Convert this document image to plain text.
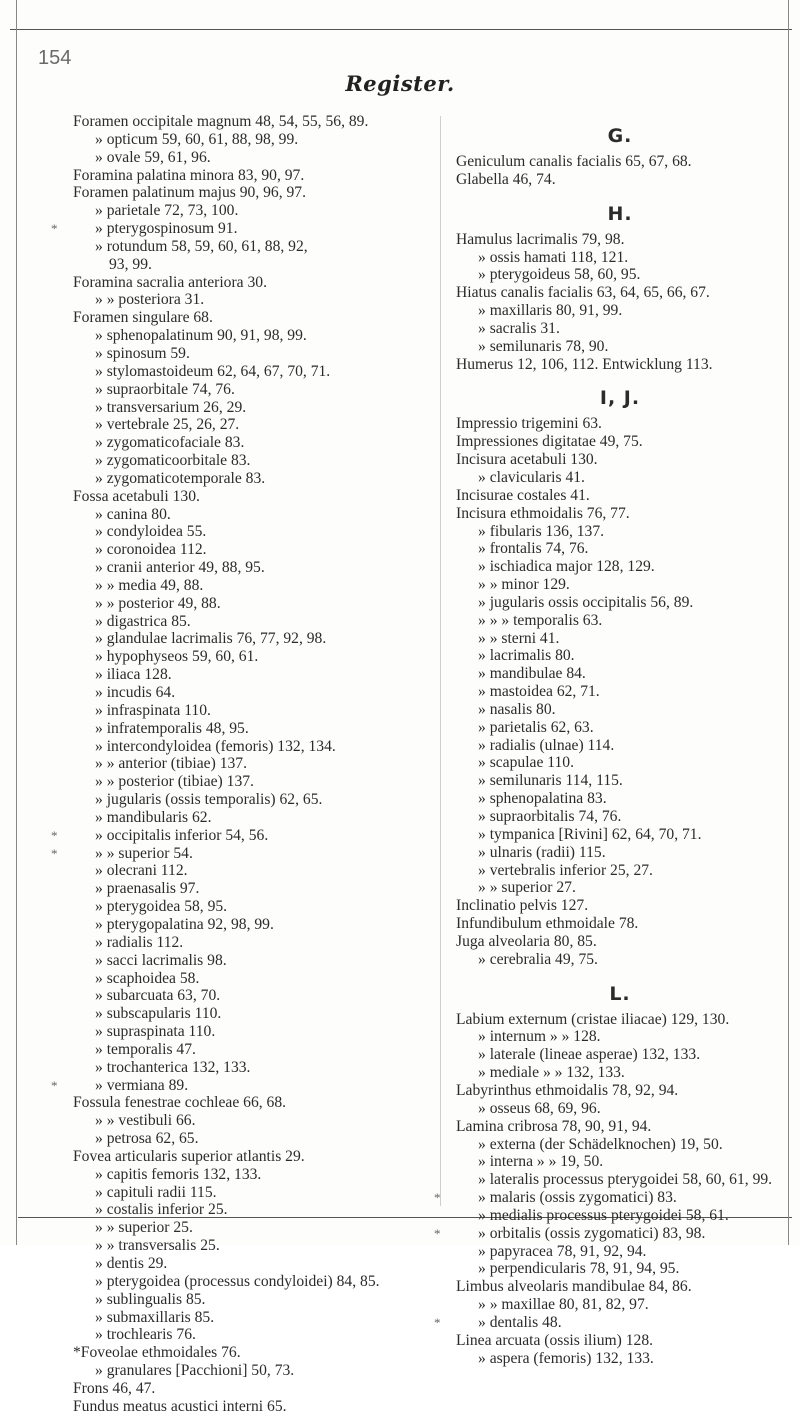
154
Register.
Foramen occipitale magnum 48, 54, 55, 56, 89.
» opticum 59, 60, 61, 88, 98, 99.
» ovale 59, 61, 96.
Foramina palatina minora 83, 90, 97.
Foramen palatinum majus 90, 96, 97.
» parietale 72, 73, 100.
* » pterygospinosum 91.
» rotundum 58, 59, 60, 61, 88, 92,
93, 99.
Foramina sacralia anteriora 30.
» » posteriora 31.
Foramen singulare 68.
» sphenopalatinum 90, 91, 98, 99.
» spinosum 59.
» stylomastoideum 62, 64, 67, 70, 71.
» supraorbitale 74, 76.
» transversarium 26, 29.
» vertebrale 25, 26, 27.
» zygomaticofaciale 83.
» zygomaticoorbitale 83.
» zygomaticotemporale 83.
Fossa acetabuli 130.
» canina 80.
» condyloidea 55.
» coronoidea 112.
» cranii anterior 49, 88, 95.
» » media 49, 88.
» » posterior 49, 88.
» digastrica 85.
» glandulae lacrimalis 76, 77, 92, 98.
» hypophyseos 59, 60, 61.
» iliaca 128.
» incudis 64.
» infraspinata 110.
» infratemporalis 48, 95.
» intercondyloidea (femoris) 132, 134.
» » anterior (tibiae) 137.
» » posterior (tibiae) 137.
» jugularis (ossis temporalis) 62, 65.
» mandibularis 62.
* » occipitalis inferior 54, 56.
* » » superior 54.
» olecrani 112.
» praenasalis 97.
» pterygoidea 58, 95.
» pterygopalatina 92, 98, 99.
» radialis 112.
» sacci lacrimalis 98.
» scaphoidea 58.
» subarcuata 63, 70.
» subscapularis 110.
» supraspinata 110.
» temporalis 47.
» trochanterica 132, 133.
* » vermiana 89.
Fossula fenestrae cochleae 66, 68.
» » vestibuli 66.
» petrosa 62, 65.
Fovea articularis superior atlantis 29.
» capitis femoris 132, 133.
» capituli radii 115.
» costalis inferior 25.
» » superior 25.
» » transversalis 25.
» dentis 29.
» pterygoidea (processus condyloidei) 84, 85.
» sublingualis 85.
» submaxillaris 85.
» trochlearis 76.
*Foveolae ethmoidales 76.
» granulares [Pacchioni] 50, 73.
Frons 46, 47.
Fundus meatus acustici interni 65.
G.
Geniculum canalis facialis 65, 67, 68.
Glabella 46, 74.
H.
Hamulus lacrimalis 79, 98.
» ossis hamati 118, 121.
» pterygoideus 58, 60, 95.
Hiatus canalis facialis 63, 64, 65, 66, 67.
» maxillaris 80, 91, 99.
» sacralis 31.
» semilunaris 78, 90.
Humerus 12, 106, 112. Entwicklung 113.
I, J.
Impressio trigemini 63.
Impressiones digitatae 49, 75.
Incisura acetabuli 130.
» clavicularis 41.
Incisurae costales 41.
Incisura ethmoidalis 76, 77.
» fibularis 136, 137.
» frontalis 74, 76.
» ischiadica major 128, 129.
» » minor 129.
» jugularis ossis occipitalis 56, 89.
» » » temporalis 63.
» » sterni 41.
» lacrimalis 80.
» mandibulae 84.
» mastoidea 62, 71.
» nasalis 80.
» parietalis 62, 63.
» radialis (ulnae) 114.
» scapulae 110.
» semilunaris 114, 115.
» sphenopalatina 83.
» supraorbitalis 74, 76.
» tympanica [Rivini] 62, 64, 70, 71.
» ulnaris (radii) 115.
» vertebralis inferior 25, 27.
» » superior 27.
Inclinatio pelvis 127.
Infundibulum ethmoidale 78.
Juga alveolaria 80, 85.
» cerebralia 49, 75.
L.
Labium externum (cristae iliacae) 129, 130.
» internum » » 128.
» laterale (lineae asperae) 132, 133.
» mediale » » 132, 133.
Labyrinthus ethmoidalis 78, 92, 94.
» osseus 68, 69, 96.
Lamina cribrosa 78, 90, 91, 94.
» externa (der Schädelknochen) 19, 50.
» interna » » 19, 50.
» lateralis processus pterygoidei 58, 60, 61, 99.
* » malaris (ossis zygomatici) 83.
» medialis processus pterygoidei 58, 61.
* » orbitalis (ossis zygomatici) 83, 98.
» papyracea 78, 91, 92, 94.
» perpendicularis 78, 91, 94, 95.
Limbus alveolaris mandibulae 84, 86.
» » maxillae 80, 81, 82, 97.
* » dentalis 48.
Linea arcuata (ossis ilium) 128.
» aspera (femoris) 132, 133.
